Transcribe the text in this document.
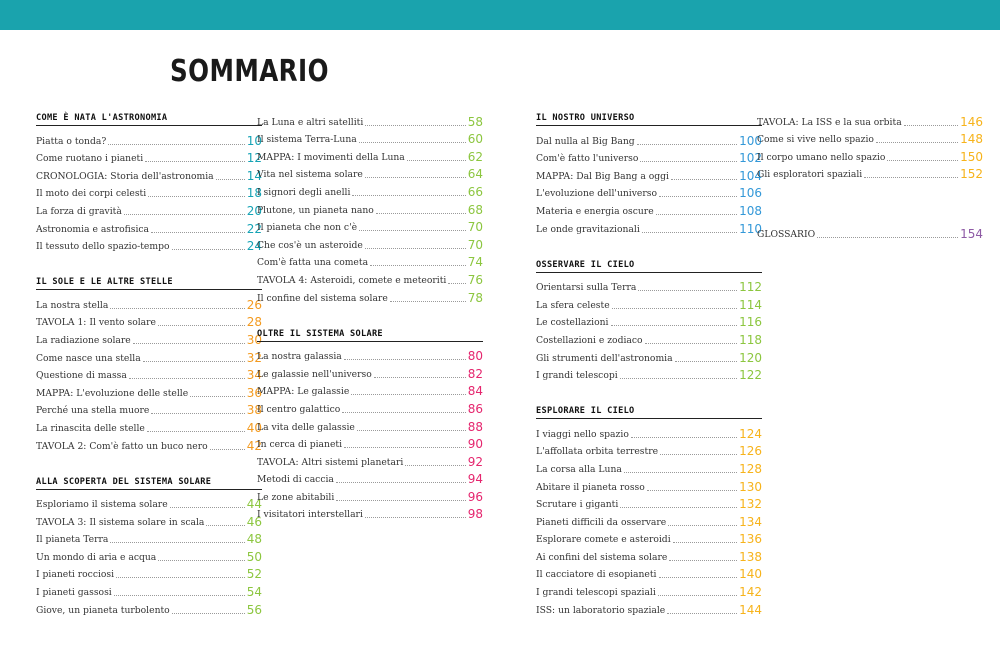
SOMMARIO
COME È NATA L'ASTRONOMIA
Piatta o tonda?	10
Come ruotano i pianeti	12
CRONOLOGIA: Storia dell'astronomia	14
Il moto dei corpi celesti	18
La forza di gravità	20
Astronomia e astrofisica	22
Il tessuto dello spazio-tempo	24
IL SOLE E LE ALTRE STELLE
La nostra stella	26
TAVOLA 1: Il vento solare	28
La radiazione solare	30
Come nasce una stella	32
Questione di massa	34
MAPPA: L'evoluzione delle stelle	36
Perché una stella muore	38
La rinascita delle stelle	40
TAVOLA 2: Com'è fatto un buco nero	42
ALLA SCOPERTA DEL SISTEMA SOLARE
Esploriamo il sistema solare	44
TAVOLA 3: Il sistema solare in scala	46
Il pianeta Terra	48
Un mondo di aria e acqua	50
I pianeti rocciosi	52
I pianeti gassosi	54
Giove, un pianeta turbolento	56
La Luna e altri satelliti	58
Il sistema Terra-Luna	60
MAPPA: I movimenti della Luna	62
Vita nel sistema solare	64
I signori degli anelli	66
Plutone, un pianeta nano	68
Il pianeta che non c'è	70
Che cos'è un asteroide	70
Com'è fatta una cometa	74
TAVOLA 4: Asteroidi, comete e meteoriti 76
Il confine del sistema solare	78
OLTRE IL SISTEMA SOLARE
La nostra galassia	80
Le galassie nell'universo	82
MAPPA: Le galassie	84
Il centro galattico	86
La vita delle galassie	88
In cerca di pianeti	90
TAVOLA: Altri sistemi planetari	92
Metodi di caccia	94
Le zone abitabili	96
I visitatori interstellari	98
IL NOSTRO UNIVERSO
Dal nulla al Big Bang	100
Com'è fatto l'universo	102
MAPPA: Dal Big Bang a oggi	104
L'evoluzione dell'universo	106
Materia e energia oscure	108
Le onde gravitazionali	110
OSSERVARE IL CIELO
Orientarsi sulla Terra	112
La sfera celeste	114
Le costellazioni	116
Costellazioni e zodiaco	118
Gli strumenti dell'astronomia	120
I grandi telescopi	122
ESPLORARE IL CIELO
I viaggi nello spazio	124
L'affollata orbita terrestre	126
La corsa alla Luna	128
Abitare il pianeta rosso	130
Scrutare i giganti	132
Pianeti difficili da osservare	134
Esplorare comete e asteroidi	136
Ai confini del sistema solare	138
Il cacciatore di esopianeti	140
I grandi telescopi spaziali	142
ISS: un laboratorio spaziale	144
TAVOLA: La ISS e la sua orbita	146
Come si vive nello spazio	148
Il corpo umano nello spazio	150
Gli esploratori spaziali	152
GLOSSARIO	154
